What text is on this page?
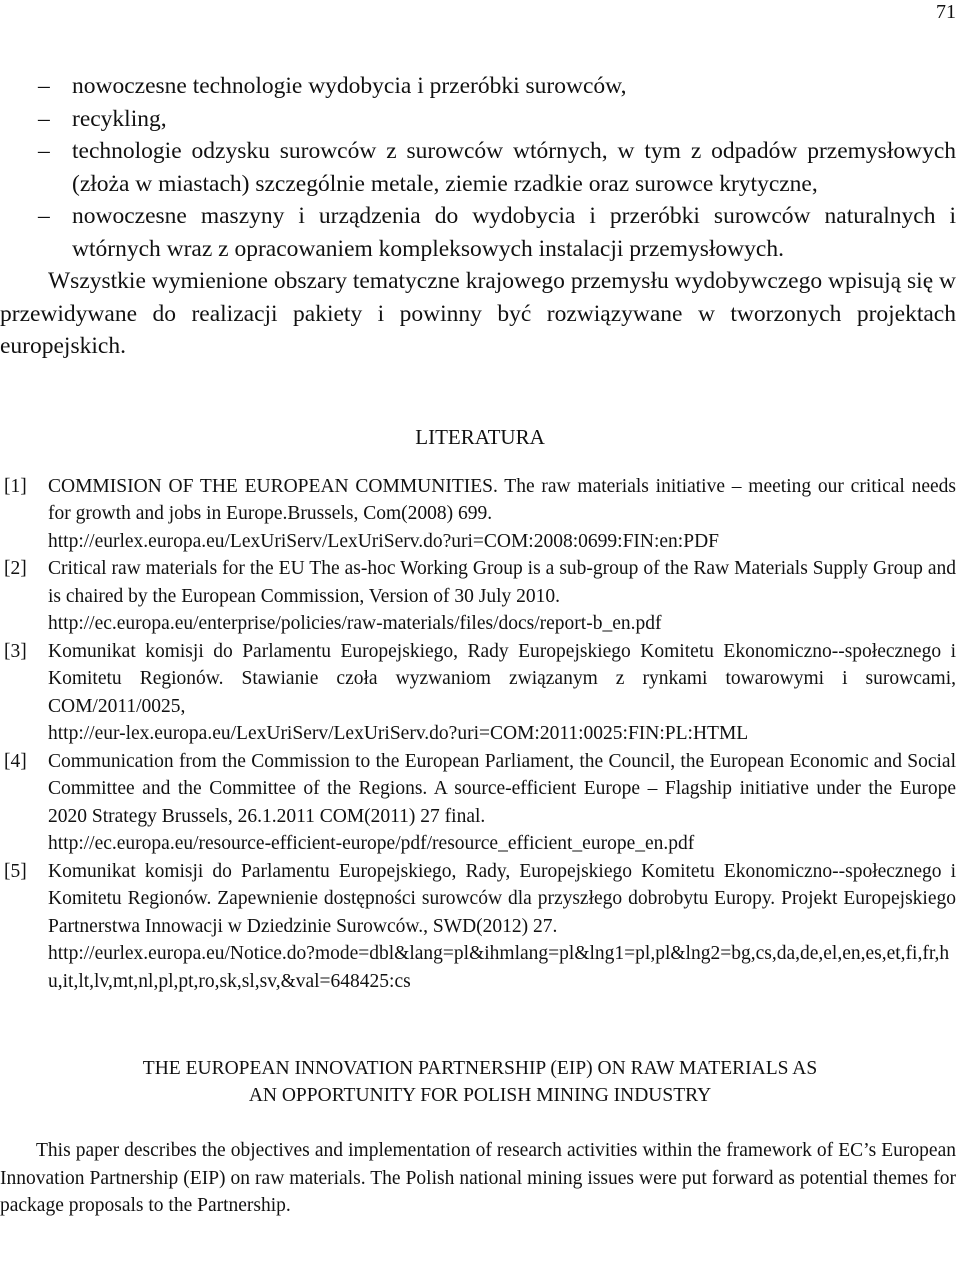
71
– nowoczesne technologie wydobycia i przeróbki surowców,
– recykling,
– technologie odzysku surowców z surowców wtórnych, w tym z odpadów przemysłowych (złoża w miastach) szczególnie metale, ziemie rzadkie oraz surowce krytyczne,
– nowoczesne maszyny i urządzenia do wydobycia i przeróbki surowców naturalnych i wtórnych wraz z opracowaniem kompleksowych instalacji przemysłowych.

Wszystkie wymienione obszary tematyczne krajowego przemysłu wydobywczego wpisują się w przewidywane do realizacji pakiety i powinny być rozwiązywane w tworzonych projektach europejskich.

LITERATURA
[1] COMMISION OF THE EUROPEAN COMMUNITIES. The raw materials initiative – meeting our critical needs for growth and jobs in Europe.Brussels, Com(2008) 699.
http://eurlex.europa.eu/LexUriServ/LexUriServ.do?uri=COM:2008:0699:FIN:en:PDF
[2] Critical raw materials for the EU The as-hoc Working Group is a sub-group of the Raw Materials Supply Group and is chaired by the European Commission, Version of 30 July 2010.
http://ec.europa.eu/enterprise/policies/raw-materials/files/docs/report-b_en.pdf
[3] Komunikat komisji do Parlamentu Europejskiego, Rady Europejskiego Komitetu Ekonomiczno--społecznego i Komitetu Regionów. Stawianie czoła wyzwaniom związanym z rynkami towarowymi i surowcami, COM/2011/0025,
http://eur-lex.europa.eu/LexUriServ/LexUriServ.do?uri=COM:2011:0025:FIN:PL:HTML
[4] Communication from the Commission to the European Parliament, the Council, the European Economic and Social Committee and the Committee of the Regions. A source-efficient Europe – Flagship initiative under the Europe 2020 Strategy Brussels, 26.1.2011 COM(2011) 27 final.
http://ec.europa.eu/resource-efficient-europe/pdf/resource_efficient_europe_en.pdf
[5] Komunikat komisji do Parlamentu Europejskiego, Rady, Europejskiego Komitetu Ekonomiczno--społecznego i Komitetu Regionów. Zapewnienie dostępności surowców dla przyszłego dobrobytu Europy. Projekt Europejskiego Partnerstwa Innowacji w Dziedzinie Surowców., SWD(2012) 27.
http://eurlex.europa.eu/Notice.do?mode=dbl&lang=pl&ihmlang=pl&lng1=pl,pl&lng2=bg,cs,da,de,el,en,es,et,fi,fr,hu,it,lt,lv,mt,nl,pl,pt,ro,sk,sl,sv,&val=648425:cs
THE EUROPEAN INNOVATION PARTNERSHIP (EIP) ON RAW MATERIALS AS
AN OPPORTUNITY FOR POLISH MINING INDUSTRY

This paper describes the objectives and implementation of research activities within the framework of EC’s European Innovation Partnership (EIP) on raw materials. The Polish national mining issues were put forward as potential themes for package proposals to the Partnership.
